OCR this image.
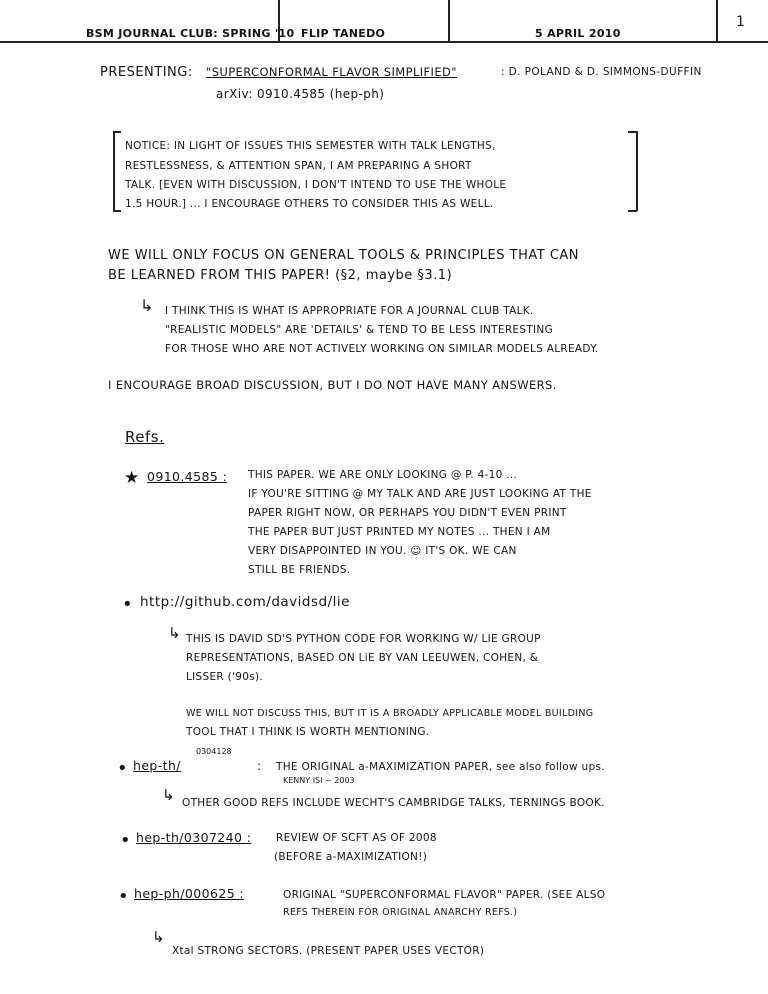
BSM JOURNAL CLUB: SPRING '10 FLIP TANEDO	5 APRIL 2010
1
PRESENTING: "SUPERCONFORMAL FLAVOR SIMPLIFIED"	: D. POLAND & D. SIMMONS-DUFFIN
arXiv: 0910.4585 (hep-ph)
NOTICE: IN LIGHT OF ISSUES THIS SEMESTER WITH TALK LENGTHS,
RESTLESSNESS, & ATTENTION SPAN, I AM PREPARING A SHORT
TALK. [EVEN WITH DISCUSSION, I DON'T INTEND TO USE THE WHOLE
1.5 HOUR.] ... I ENCOURAGE OTHERS TO CONSIDER THIS AS WELL.
WE WILL ONLY FOCUS ON GENERAL TOOLS & PRINCIPLES THAT CAN
BE LEARNED FROM THIS PAPER! (§2, maybe §3.1)
↳ I THINK THIS IS WHAT IS APPROPRIATE FOR A JOURNAL CLUB TALK.
"REALISTIC MODELS" ARE 'DETAILS' & TEND TO BE LESS INTERESTING
FOR THOSE WHO ARE NOT ACTIVELY WORKING ON SIMILAR MODELS ALREADY.
I ENCOURAGE BROAD DISCUSSION, BUT I DO NOT HAVE MANY ANSWERS.
Refs.
★ 0910.4585 : THIS PAPER. WE ARE ONLY LOOKING @ P. 4-10 ...
IF YOU'RE SITTING @ MY TALK AND ARE JUST LOOKING AT THE
PAPER RIGHT NOW, OR PERHAPS YOU DIDN'T EVEN PRINT
THE PAPER BUT JUST PRINTED MY NOTES ... THEN I AM
VERY DISAPPOINTED IN YOU. ☺ IT'S OK. WE CAN
STILL BE FRIENDS.
• http://github.com/davidsd/lie
↳ THIS IS DAVID SD'S PYTHON CODE FOR WORKING W/ LIE GROUP
REPRESENTATIONS, BASED ON LiE BY VAN LEEUWEN, COHEN, &
LISSER ('90s).
WE WILL NOT DISCUSS THIS, BUT IT IS A BROADLY APPLICABLE MODEL BUILDING
TOOL THAT I THINK IS WORTH MENTIONING.
• hep-th/
0304128
: THE ORIGINAL a-MAXIMIZATION PAPER, see also follow ups.
KENNY ISI ~ 2003
↳ OTHER GOOD REFS INCLUDE WECHT'S CAMBRIDGE TALKS, TERNINGS BOOK.
• hep-th/0307240 : REVIEW OF SCFT AS OF 2008
(BEFORE a-MAXIMIZATION!)
• hep-ph/000625 :	ORIGINAL "SUPERCONFORMAL FLAVOR" PAPER. (SEE ALSO
REFS THEREIN FOR ORIGINAL ANARCHY REFS.)
↳
Xtal STRONG SECTORS. (PRESENT PAPER USES VECTOR)
